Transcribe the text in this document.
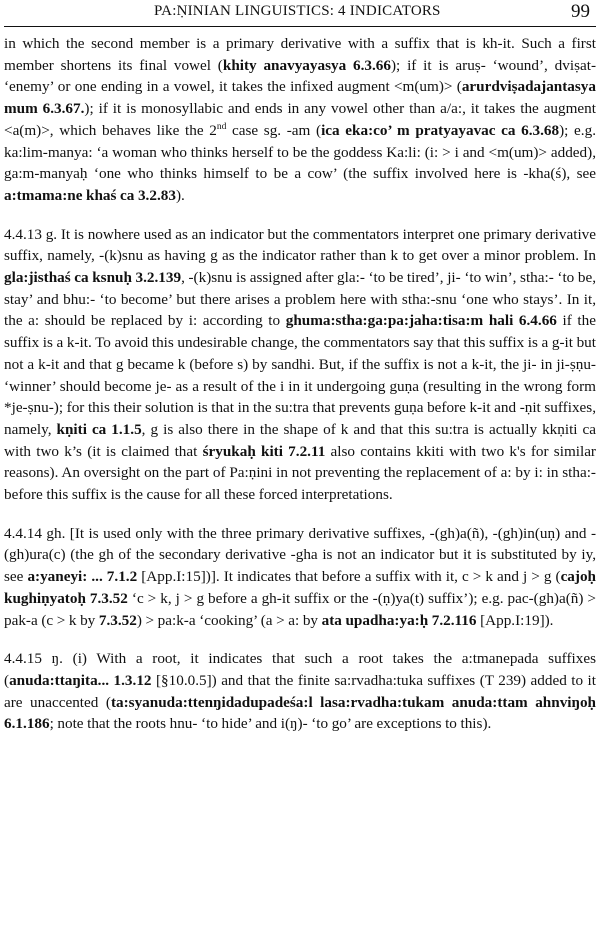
PA:ṆINIAN LINGUISTICS: 4 INDICATORS	99

in which the second member is a primary derivative with a suffix that is kh-it. Such a first member shortens its final vowel (khity anavyayasya 6.3.66); if it is aruṣ- ‘wound’, dviṣat- ‘enemy’ or one ending in a vowel, it takes the infixed augment <m(um)> (arurdviṣadajantasya mum 6.3.67.); if it is monosyllabic and ends in any vowel other than a/a:, it takes the augment <a(m)>, which behaves like the 2nd case sg. -am (ica eka:co’ m pratyayavac ca 6.3.68); e.g. ka:lim-manya: ‘a woman who thinks herself to be the goddess Ka:li: (i: > i and <m(um)> added), ga:m-manyaḥ ‘one who thinks himself to be a cow’ (the suffix involved here is -kha(ś), see a:tmama:ne khaś ca 3.2.83).

4.4.13 g. It is nowhere used as an indicator but the commentators interpret one primary derivative suffix, namely, -(k)snu as having g as the indicator rather than k to get over a minor problem. In gla:jisthaś ca ksnuḥ 3.2.139, -(k)snu is assigned after gla:- ‘to be tired’, ji- ‘to win’, stha:- ‘to be, stay’ and bhu:- ‘to become’ but there arises a problem here with stha:-snu ‘one who stays’. In it, the a: should be replaced by i: according to ghuma:stha:ga:pa:jaha:tisa:m hali 6.4.66 if the suffix is a k-it. To avoid this undesirable change, the commentators say that this suffix is a g-it but not a k-it and that g became k (before s) by sandhi. But, if the suffix is not a k-it, the ji- in ji-ṣṇu- ‘winner’ should become je- as a result of the i in it undergoing guṇa (resulting in the wrong form *je-ṣnu-); for this their solution is that in the su:tra that prevents guṇa before k-it and -ṇit suffixes, namely, kṇiti ca 1.1.5, g is also there in the shape of k and that this su:tra is actually kkṇiti ca with two k’s (it is claimed that śryukaḥ kiti 7.2.11 also contains kkiti with two k's for similar reasons). An oversight on the part of Pa:ṇini in not preventing the replacement of a: by i: in stha:- before this suffix is the cause for all these forced interpretations.

4.4.14 gh. [It is used only with the three primary derivative suffixes, -(gh)a(ñ), -(gh)in(uṇ) and -(gh)ura(c) (the gh of the secondary derivative -gha is not an indicator but it is substituted by iy, see a:yaneyi: ... 7.1.2 [App.I:15])]. It indicates that before a suffix with it, c > k and j > g (cajoḥ kughiṇyatoḥ 7.3.52 ‘c > k, j > g before a gh-it suffix or the -(ṇ)ya(t) suffix’); e.g. pac-(gh)a(ñ) > pak-a (c > k by 7.3.52) > pa:k-a ‘cooking’ (a > a: by ata upadha:ya:ḥ 7.2.116 [App.I:19]).

4.4.15 ŋ. (i) With a root, it indicates that such a root takes the a:tmanepada suffixes (anuda:ttaŋita... 1.3.12 [§10.0.5]) and that the finite sa:rvadha:tuka suffixes (T 239) added to it are unaccented (ta:syanuda:ttenŋidadupadeśa:l lasa:rvadha:tukam anuda:ttam ahnviŋoḥ 6.1.186; note that the roots hnu- ‘to hide’ and i(ŋ)- ‘to go’ are exceptions to this).
